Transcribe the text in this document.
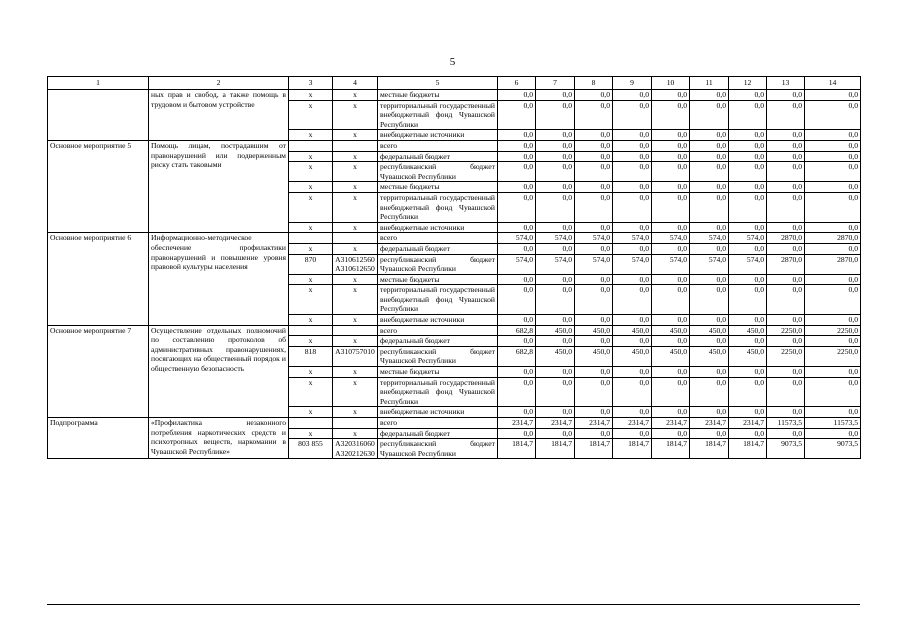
5
1	2	3	4	5	6	7	8	9	10	11	12	13	14
	ных прав и свобод, а также помощь в трудовом и бытовом устройстве	х	х	местные бюджеты	0,0	0,0	0,0	0,0	0,0	0,0	0,0	0,0	0,0
		х	х	территориальный государственный внебюджетный фонд Чувашской Республики	0,0	0,0	0,0	0,0	0,0	0,0	0,0	0,0	0,0
		х	х	внебюджетные источники	0,0	0,0	0,0	0,0	0,0	0,0	0,0	0,0	0,0
Основное мероприятие 5	Помощь лицам, пострадавшим от правонарушений или подверженным риску стать таковыми			всего	0,0	0,0	0,0	0,0	0,0	0,0	0,0	0,0	0,0
		х	х	федеральный бюджет	0,0	0,0	0,0	0,0	0,0	0,0	0,0	0,0	0,0
		х	х	республиканский бюджет Чувашской Республики	0,0	0,0	0,0	0,0	0,0	0,0	0,0	0,0	0,0
		х	х	местные бюджеты	0,0	0,0	0,0	0,0	0,0	0,0	0,0	0,0	0,0
		х	х	территориальный государственный внебюджетный фонд Чувашской Республики	0,0	0,0	0,0	0,0	0,0	0,0	0,0	0,0	0,0
		х	х	внебюджетные источники	0,0	0,0	0,0	0,0	0,0	0,0	0,0	0,0	0,0
Основное мероприятие 6	Информационно-методическое обеспечение профилактики правонарушений и повышение уровня правовой культуры населения			всего	574,0	574,0	574,0	574,0	574,0	574,0	574,0	2870,0	2870,0
		х	х	федеральный бюджет	0,0	0,0	0,0	0,0	0,0	0,0	0,0	0,0	0,0
		870	А310612560 А310612650	республиканский бюджет Чувашской Республики	574,0	574,0	574,0	574,0	574,0	574,0	574,0	2870,0	2870,0
		х	х	местные бюджеты	0,0	0,0	0,0	0,0	0,0	0,0	0,0	0,0	0,0
		х	х	территориальный государственный внебюджетный фонд Чувашской Республики	0,0	0,0	0,0	0,0	0,0	0,0	0,0	0,0	0,0
		х	х	внебюджетные источники	0,0	0,0	0,0	0,0	0,0	0,0	0,0	0,0	0,0
Основное мероприятие 7	Осуществление отдельных полномочий по составлению протоколов об административных правонарушениях, посягающих на общественный порядок и общественную безопасность			всего	682,8	450,0	450,0	450,0	450,0	450,0	450,0	2250,0	2250,0
		х	х	федеральный бюджет	0,0	0,0	0,0	0,0	0,0	0,0	0,0	0,0	0,0
		818	А310757010	республиканский бюджет Чувашской Республики	682,8	450,0	450,0	450,0	450,0	450,0	450,0	2250,0	2250,0
		х	х	местные бюджеты	0,0	0,0	0,0	0,0	0,0	0,0	0,0	0,0	0,0
		х	х	территориальный государственный внебюджетный фонд Чувашской Республики	0,0	0,0	0,0	0,0	0,0	0,0	0,0	0,0	0,0
		х	х	внебюджетные источники	0,0	0,0	0,0	0,0	0,0	0,0	0,0	0,0	0,0
Подпрограмма	«Профилактика незаконного потребления наркотических средств и психотропных веществ, наркомании в Чувашской Республике»			всего	2314,7	2314,7	2314,7	2314,7	2314,7	2314,7	2314,7	11573,5	11573,5
		х	х	федеральный бюджет	0,0	0,0	0,0	0,0	0,0	0,0	0,0	0,0	0,0
		803 855	А320316060 А320212630	республиканский бюджет Чувашской Республики	1814,7	1814,7	1814,7	1814,7	1814,7	1814,7	1814,7	9073,5	9073,5
